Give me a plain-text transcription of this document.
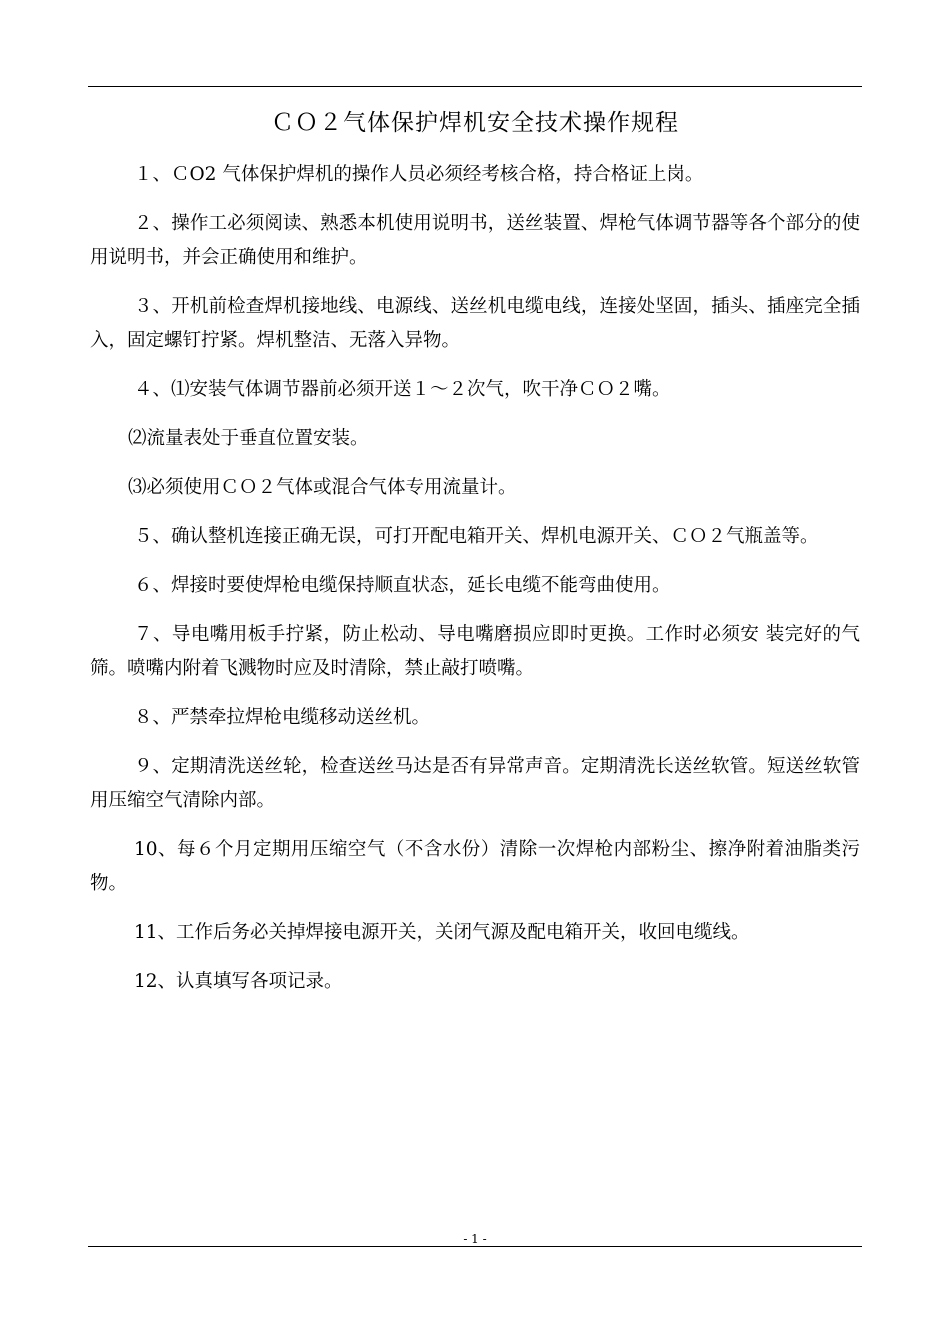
ＣＯ２气体保护焊机安全技术操作规程

１、ＣO2 气体保护焊机的操作人员必须经考核合格，持合格证上岗。

２、操作工必须阅读、熟悉本机使用说明书，送丝装置、焊枪气体调节器等各个部分的使用说明书，并会正确使用和维护。

３、开机前检查焊机接地线、电源线、送丝机电缆电线，连接处坚固，插头、插座完全插入，固定螺钉拧紧。焊机整洁、无落入异物。

４、⑴安装气体调节器前必须开送１～２次气，吹干净ＣＯ２嘴。

⑵流量表处于垂直位置安装。

⑶必须使用ＣＯ２气体或混合气体专用流量计。

５、确认整机连接正确无误，可打开配电箱开关、焊机电源开关、ＣＯ２气瓶盖等。

６、焊接时要使焊枪电缆保持顺直状态，延长电缆不能弯曲使用。

７、导电嘴用板手拧紧，防止松动、导电嘴磨损应即时更换。工作时必须安 装完好的气筛。喷嘴内附着飞溅物时应及时清除，禁止敲打喷嘴。

８、严禁牵拉焊枪电缆移动送丝机。

９、定期清洗送丝轮，检查送丝马达是否有异常声音。定期清洗长送丝软管。短送丝软管用压缩空气清除内部。

10、每６个月定期用压缩空气（不含水份）清除一次焊枪内部粉尘、擦净附着油脂类污物。

11、工作后务必关掉焊接电源开关，关闭气源及配电箱开关，收回电缆线。

12、认真填写各项记录。

- 1 -
